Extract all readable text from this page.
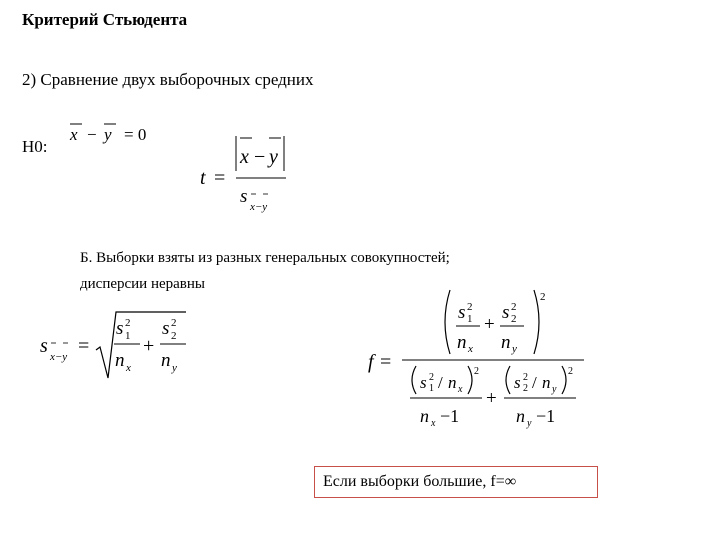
Критерий Стьюдента
2) Сравнение двух выборочных средних
H0:
x − y = 0
t =
x − y
s x−y
Б. Выборки взяты из разных генеральных совокупностей;
дисперсии неравны
s x−y =
s 2
1
n x
+
s 2
2
n y	f =
2
s 2
1
n x
+
s 2
2
n y
s 2
1 / n x
2
n x −1
+
s 2
2 / n y
2
n y −1
Если выборки большие, f=∞
